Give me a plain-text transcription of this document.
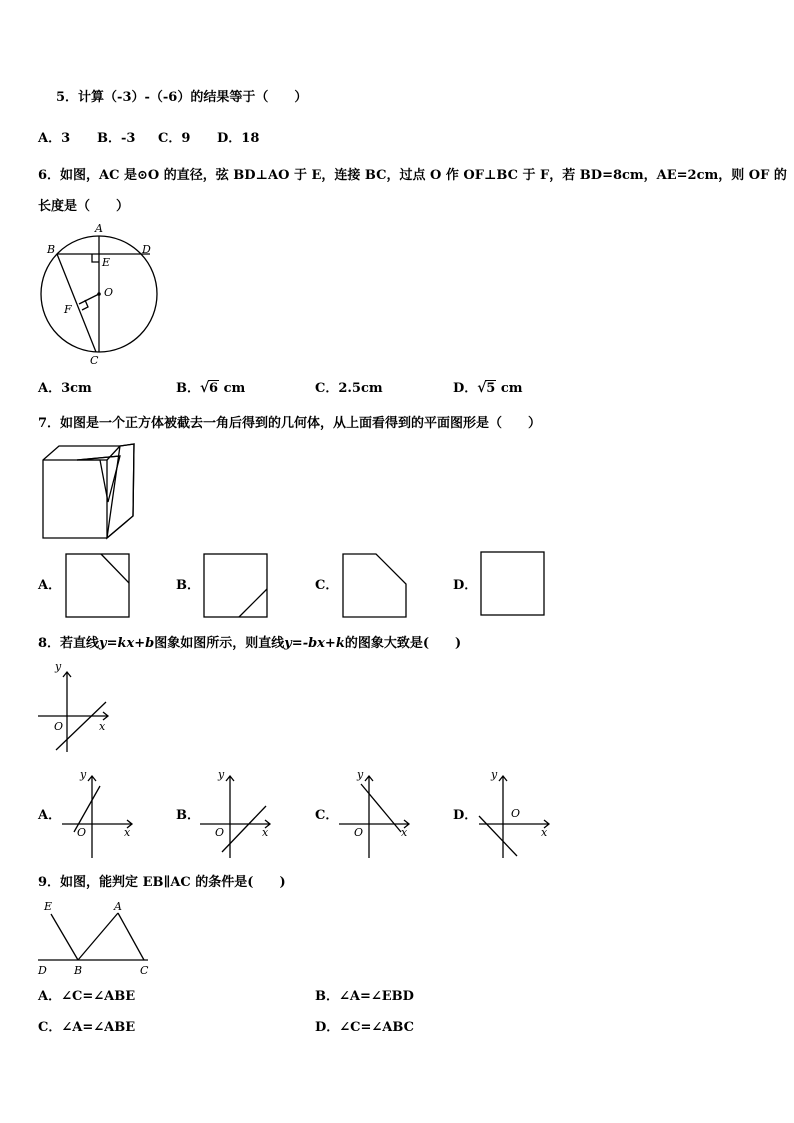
5．计算（-3）-（-6）的结果等于（　　）
A．3 B．-3 C．9 D．18
6．如图，AC 是⊙O 的直径，弦 BD⊥AO 于 E，连接 BC，过点 O 作 OF⊥BC 于 F，若 BD=8cm，AE=2cm，则 OF 的
长度是（　　）
A
B	D
E
O
F
C
A．3cm	B． √ 6 cm	C．2.5cm	D． √ 5 cm
7．如图是一个正方体被截去一角后得到的几何体，从上面看得到的平面图形是（　　）
A．	B．	C．	D．
8．若直线y=kx+b图象如图所示，则直线y=-bx+k的图象大致是(　　)
y
x
O
A．
y
x
O
B．
y
x
O
C．
y
x
O
D．
y
x
O
9．如图，能判定 EB∥AC 的条件是(　　)
E	A
D B	C
A．∠C=∠ABE	B．∠A=∠EBD
C．∠A=∠ABE	D．∠C=∠ABC
